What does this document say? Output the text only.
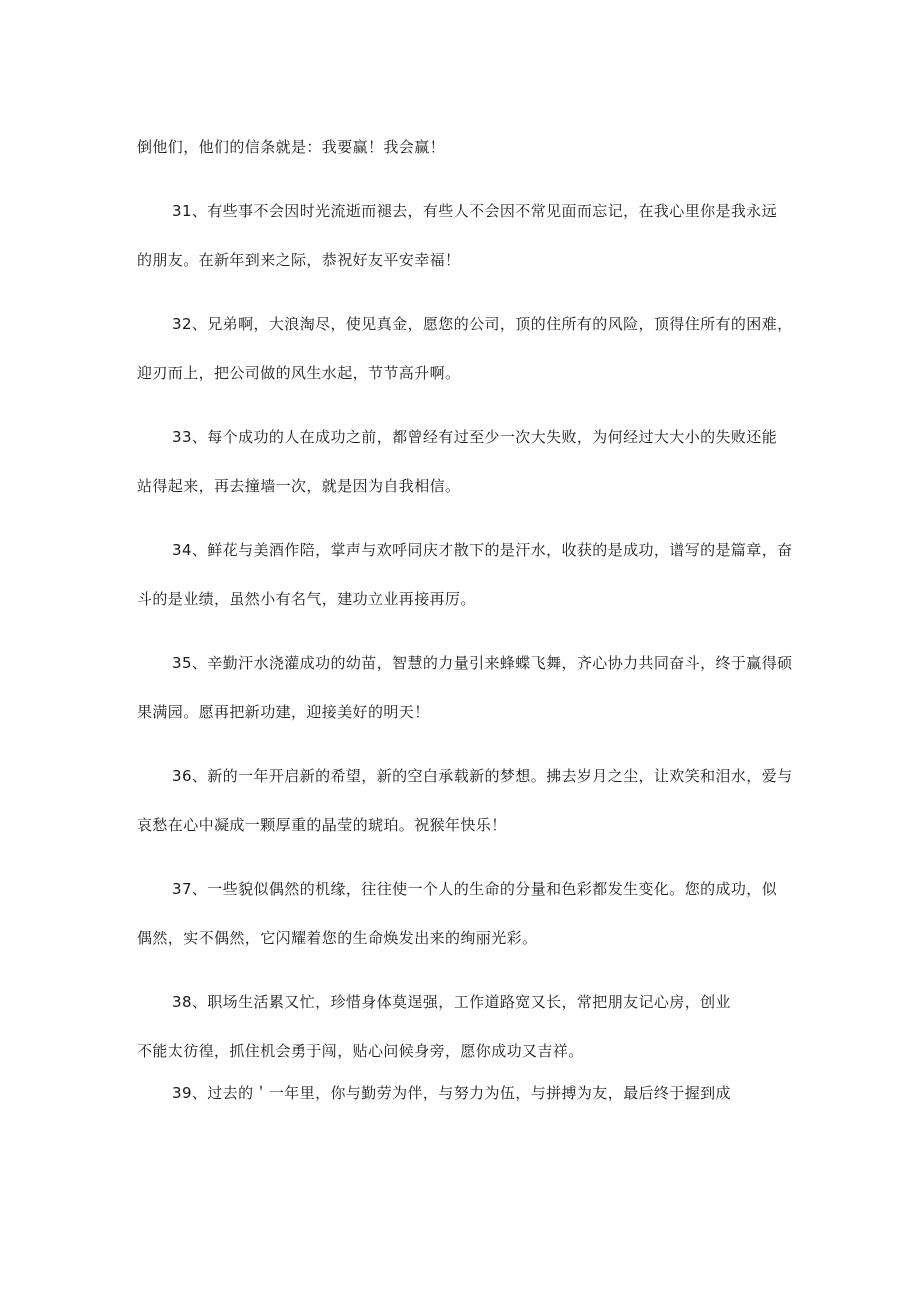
倒他们，他们的信条就是：我要赢！我会赢！
31、有些事不会因时光流逝而褪去，有些人不会因不常见面而忘记，在我心里你是我永远
的朋友。在新年到来之际，恭祝好友平安幸福！
32、兄弟啊，大浪淘尽，使见真金，愿您的公司，顶的住所有的风险，顶得住所有的困难，
迎刃而上，把公司做的风生水起，节节高升啊。
33、每个成功的人在成功之前，都曾经有过至少一次大失败，为何经过大大小的失败还能
站得起来，再去撞墙一次，就是因为自我相信。
34、鲜花与美酒作陪，掌声与欢呼同庆才散下的是汗水，收获的是成功，谱写的是篇章，奋
斗的是业绩，虽然小有名气，建功立业再接再厉。
35、辛勤汗水浇灌成功的幼苗，智慧的力量引来蜂蝶飞舞，齐心协力共同奋斗，终于赢得硕
果满园。愿再把新功建，迎接美好的明天！
36、新的一年开启新的希望，新的空白承载新的梦想。拂去岁月之尘，让欢笑和泪水，爱与
哀愁在心中凝成一颗厚重的晶莹的琥珀。祝猴年快乐！
37、一些貌似偶然的机缘，往往使一个人的生命的分量和色彩都发生变化。您的成功，似
偶然，实不偶然，它闪耀着您的生命焕发出来的绚丽光彩。
38、职场生活累又忙，珍惜身体莫逞强，工作道路宽又长，常把朋友记心房，创业
不能太彷徨，抓住机会勇于闯，贴心问候身旁，愿你成功又吉祥。
39、过去的＇一年里，你与勤劳为伴，与努力为伍，与拼搏为友，最后终于握到成
